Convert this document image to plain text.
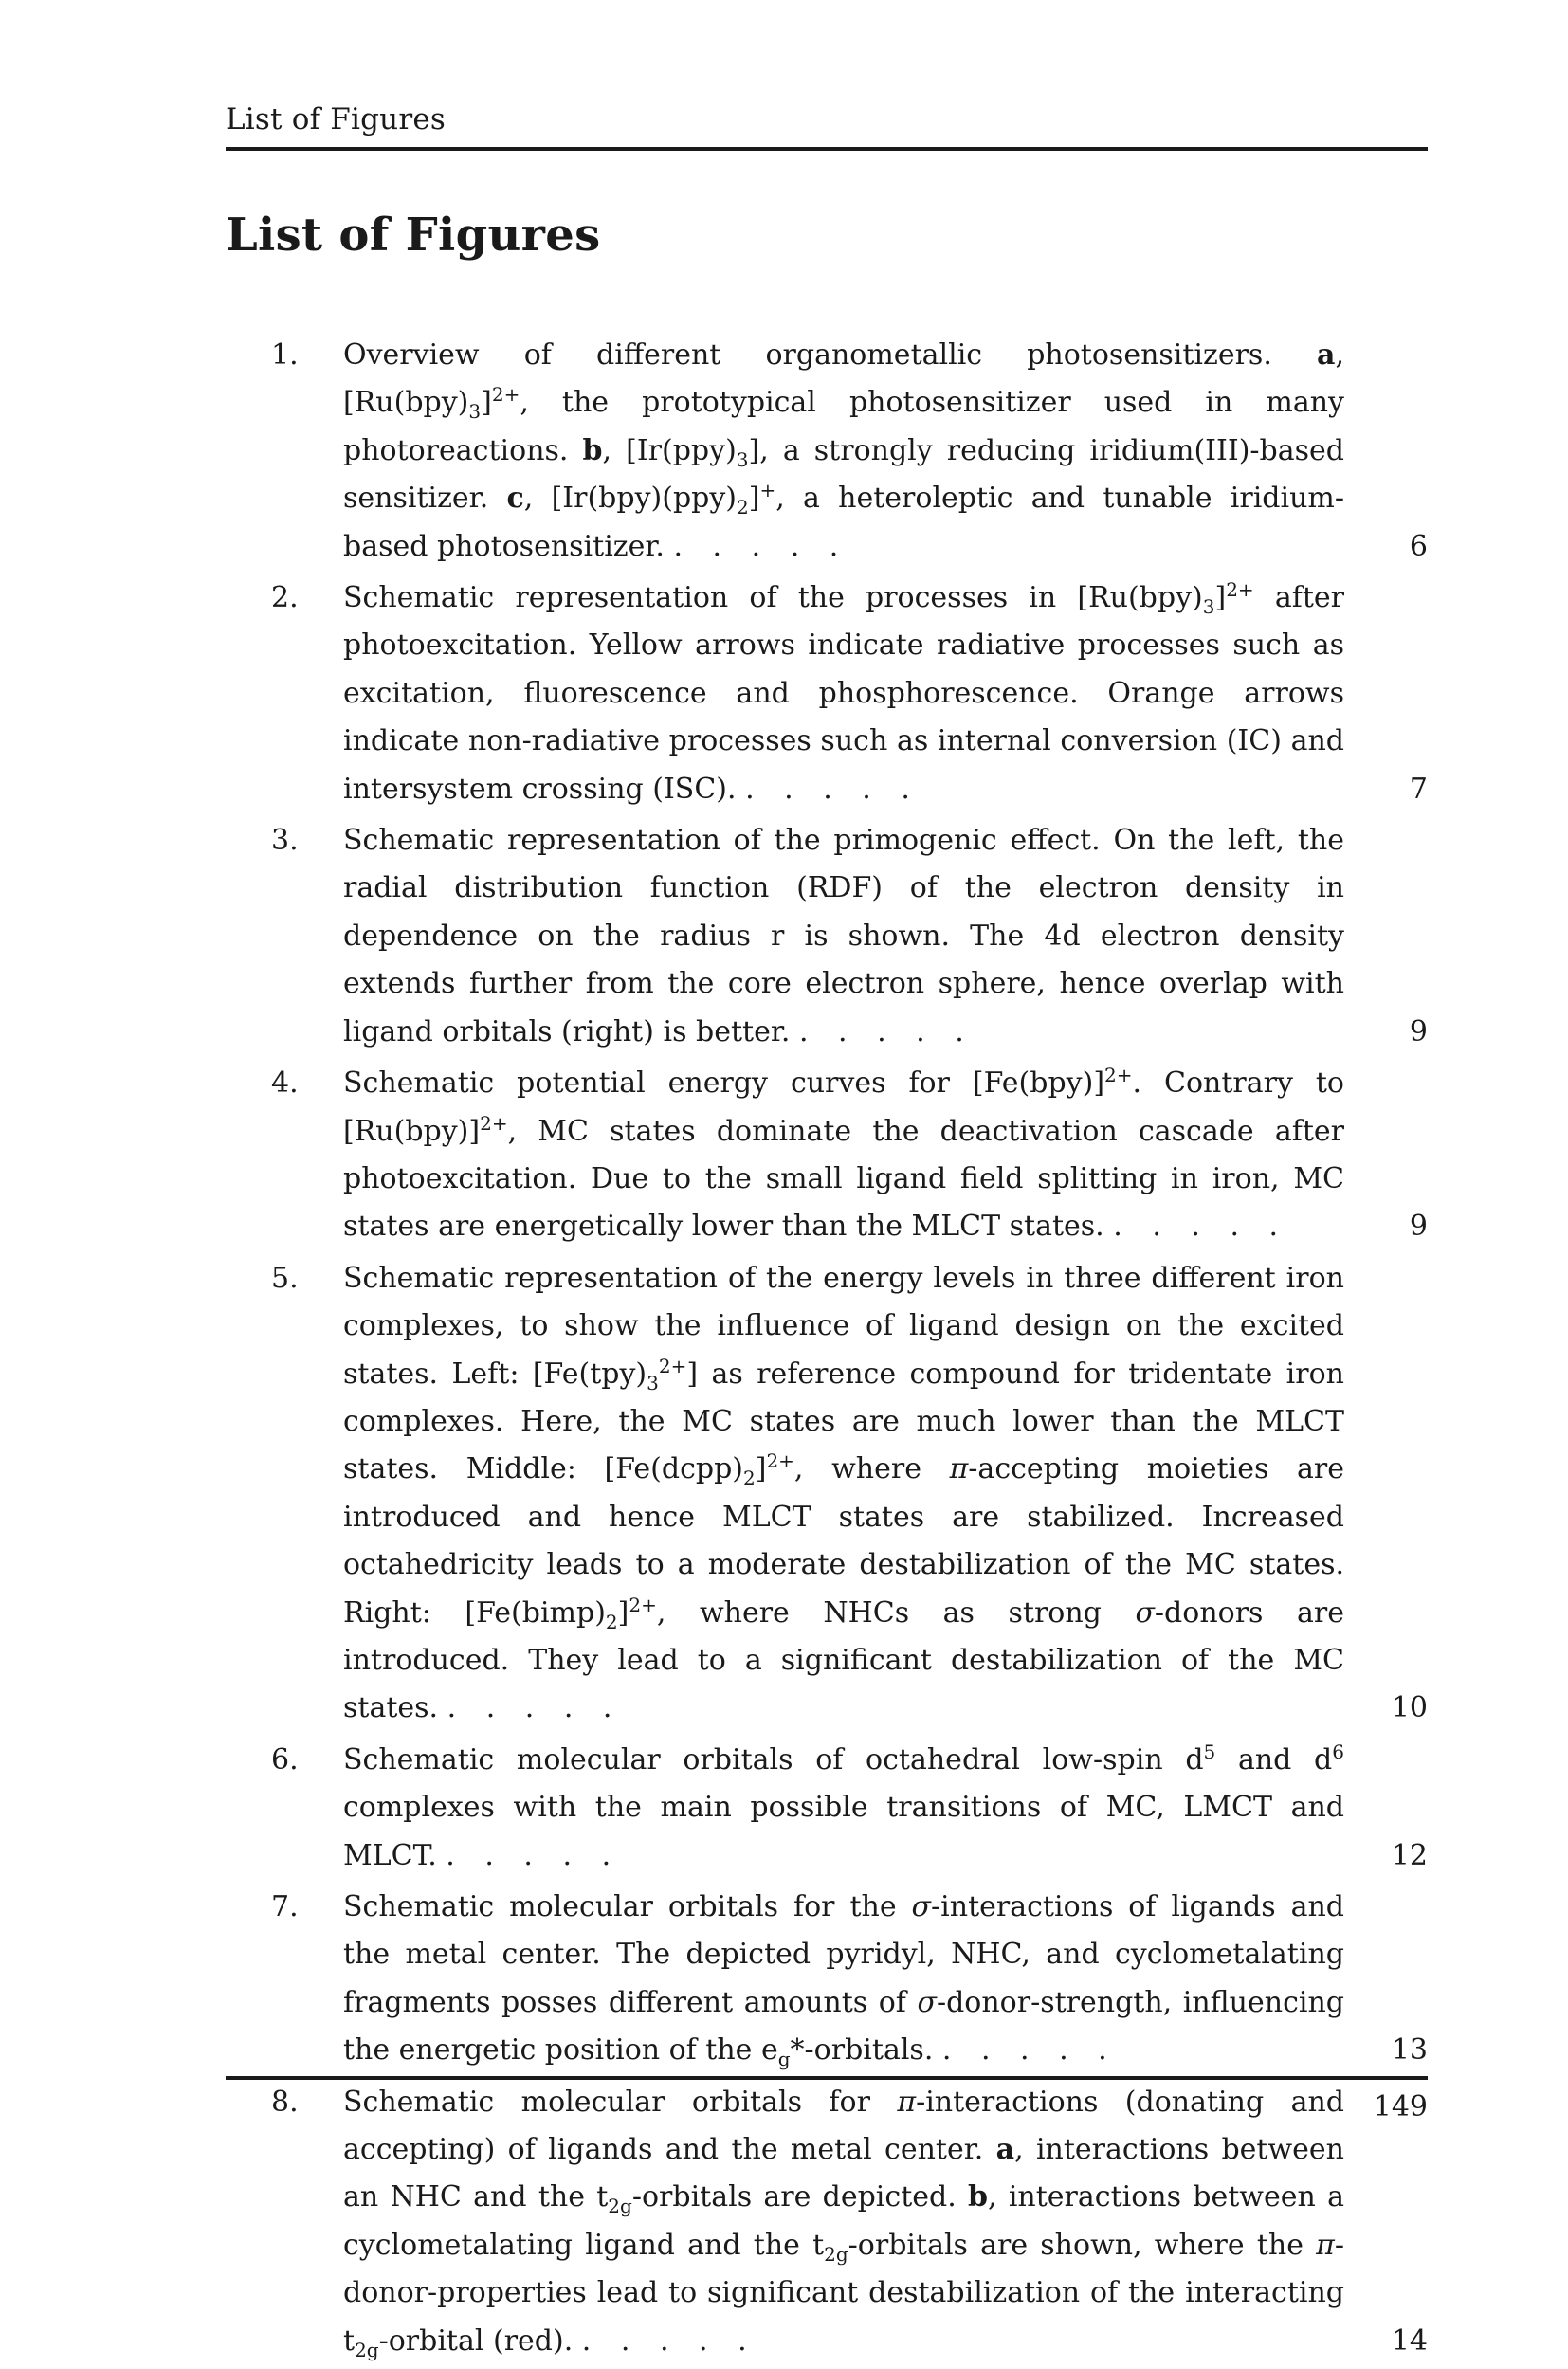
List of Figures
List of Figures
1.	Overview of different organometallic photosensitizers. a, $[Ru(bpy)_3]^{2+}$, the prototypical photosensitizer used in many photoreactions. b, $[Ir(ppy)_3]$, a strongly reducing iridium(III)-based sensitizer. c, $[Ir(bpy)(ppy)_2]^+$, a heteroleptic and tunable iridium-based photosensitizer. . . . . .	6
2.	Schematic representation of the processes in $[Ru(bpy)_3]^{2+}$ after photoexcitation. Yellow arrows indicate radiative processes such as excitation, fluorescence and phosphorescence. Orange arrows indicate non-radiative processes such as internal conversion (IC) and intersystem crossing (ISC). . . . . .	7
3.	Schematic representation of the primogenic effect. On the left, the radial distribution function (RDF) of the electron density in dependence on the radius r is shown. The 4d electron density extends further from the core electron sphere, hence overlap with ligand orbitals (right) is better. . . . . .	9
4.	Schematic potential energy curves for $[Fe(bpy)]^{2+}$. Contrary to $[Ru(bpy)]^{2+}$, MC states dominate the deactivation cascade after photoexcitation. Due to the small ligand field splitting in iron, MC states are energetically lower than the MLCT states. . . . . .	9
5.	Schematic representation of the energy levels in three different iron complexes, to show the influence of ligand design on the excited states. Left: $[Fe(tpy)_3^{2+}]$ as reference compound for tridentate iron complexes. Here, the MC states are much lower than the MLCT states. Middle: $[Fe(dcpp)_2]^{2+}$, where π-accepting moieties are introduced and hence MLCT states are stabilized. Increased octahedricity leads to a moderate destabilization of the MC states. Right: $[Fe(bimp)_2]^{2+}$, where NHCs as strong σ-donors are introduced. They lead to a significant destabilization of the MC states. . . . . .	10
6.	Schematic molecular orbitals of octahedral low-spin $d^5$ and $d^6$ complexes with the main possible transitions of MC, LMCT and MLCT. . . . . .	12
7.	Schematic molecular orbitals for the σ-interactions of ligands and the metal center. The depicted pyridyl, NHC, and cyclometalating fragments posses different amounts of σ-donor-strength, influencing the energetic position of the $e_g*$-orbitals. . . . . .	13
8.	Schematic molecular orbitals for π-interactions (donating and accepting) of ligands and the metal center. a, interactions between an NHC and the $t_{2g}$-orbitals are depicted. b, interactions between a cyclometalating ligand and the $t_{2g}$-orbitals are shown, where the π-donor-properties lead to significant destabilization of the interacting $t_{2g}$-orbital (red). . . . . .	14
149
